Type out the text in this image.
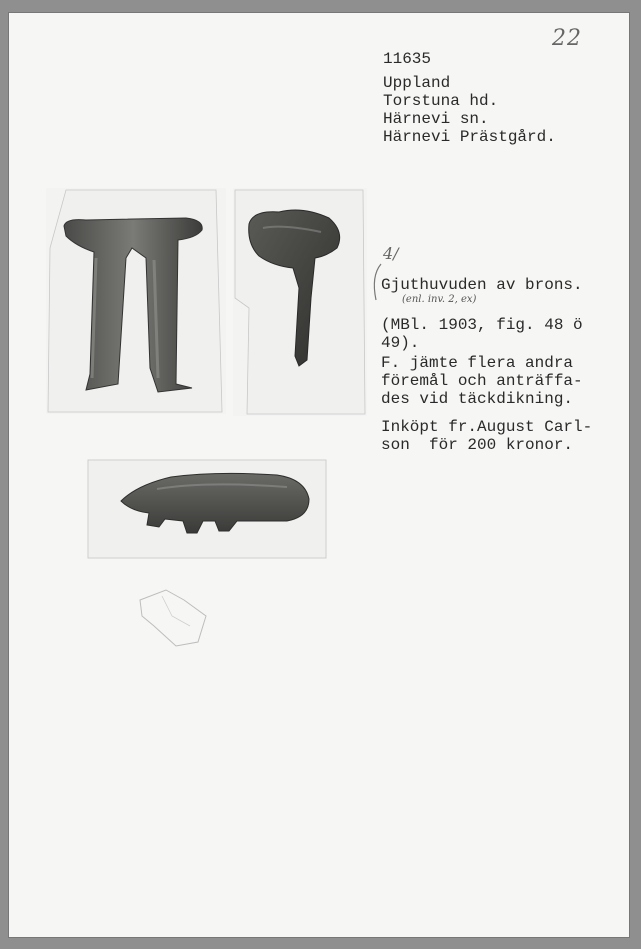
22
11635
Uppland
Torstuna hd.
Härnevi sn.
Härnevi Prästgård.
4/
Gjuthuvuden av brons.
(enl. inv. 2, ex)
(MBl. 1903, fig. 48 ö
49).
F. jämte flera andra
föremål och anträffa-
des vid täckdikning.
Inköpt fr.August Carl-
son  för 200 kronor.
